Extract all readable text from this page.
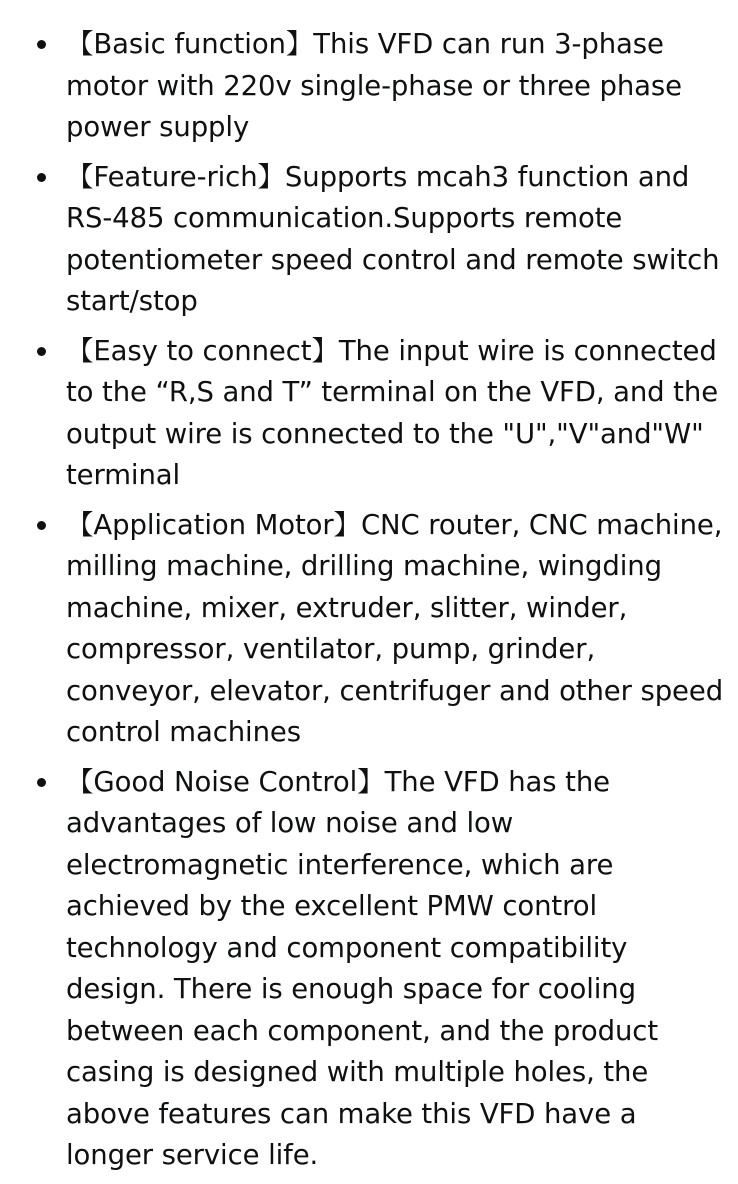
【Basic function】This VFD can run 3-phase motor with 220v single-phase or three phase power supply
【Feature-rich】Supports mcah3 function and RS-485 communication.Supports remote potentiometer speed control and remote switch start/stop
【Easy to connect】The input wire is connected to the “R,S and T” terminal on the VFD, and the output wire is connected to the "U","V"and"W" terminal
【Application Motor】CNC router, CNC machine, milling machine, drilling machine, wingding machine, mixer, extruder, slitter, winder, compressor, ventilator, pump, grinder, conveyor, elevator, centrifuger and other speed control machines
【Good Noise Control】The VFD has the advantages of low noise and low electromagnetic interference, which are achieved by the excellent PMW control technology and component compatibility design. There is enough space for cooling between each component, and the product casing is designed with multiple holes, the above features can make this VFD have a longer service life.
